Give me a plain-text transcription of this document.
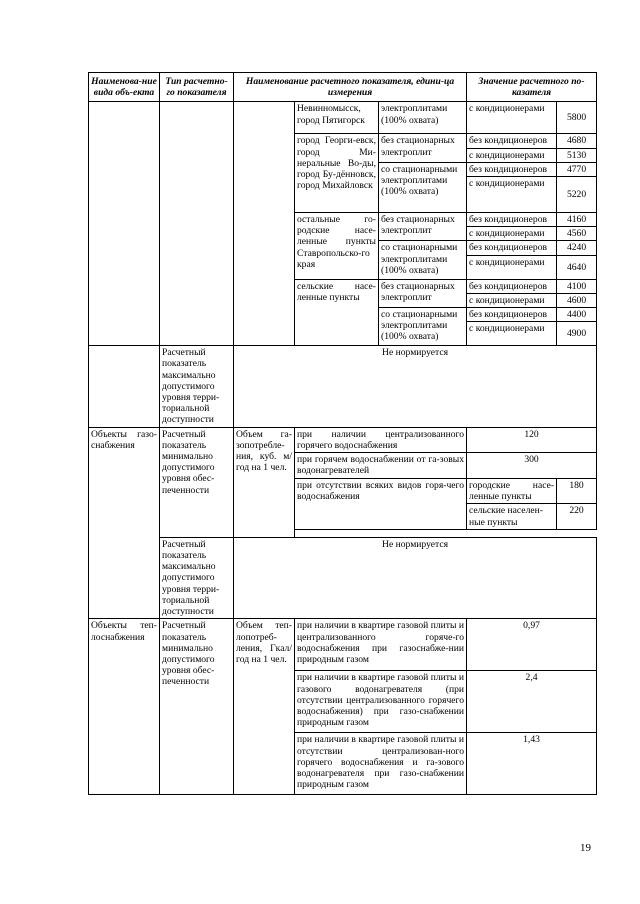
Наименова-ние вида объ-екта	Тип расчетно-го показателя	Наименование расчетного показателя, едини-ца измерения			Значение расчетного по-казателя	
			Невинномысск, город Пятигорск	электроплитами (100% охвата)	с кондиционерами	5800
			город Георги-евск, город Ми-неральные Во-ды, город Бу-дённовск, город Михайловск	без стационарных электроплит	без кондиционеров	4680
					с кондиционерами	5130
				со стационарными электроплитами (100% охвата)	без кондиционеров	4770
					с кондиционерами	5220
			остальные го-родские насе-ленные пункты Ставропольско-го края	без стационарных электроплит	без кондиционеров	4160
					с кондиционерами	4560
				со стационарными электроплитами (100% охвата)	без кондиционеров	4240
					с кондиционерами	4640
			сельские насе-ленные пункты	без стационарных электроплит	без кондиционеров	4100
					с кондиционерами	4600
				со стационарными электроплитами (100% охвата)	без кондиционеров	4400
					с кондиционерами	4900
	Расчетный показатель максимально допустимого уровня терри-ториальной доступности	Не нормируется				
Объекты газо-снабжения	Расчетный показатель минимально допустимого уровня обес-печенности	Объем га-зопотребле-ния, куб. м/год на 1 чел.	при наличии централизованного горячего водоснабжения		120	
			при горячем водоснабжении от га-зовых водонагревателей		300	
			при отсутствии всяких видов горя-чего водоснабжения		городские насе-ленные пункты	180
					сельские населен-ные пункты	220

	Расчетный показатель максимально допустимого уровня терри-ториальной доступности	Не нормируется				
Объекты теп-лоснабжения	Расчетный показатель минимально допустимого уровня обес-печенности	Объем теп-лопотреб-ления, Гкал/год на 1 чел.	при наличии в квартире газовой плиты и централизованного горяче-го водоснабжения при газоснабже-нии природным газом		0,97	
			при наличии в квартире газовой плиты и газового водонагревателя (при отсутствии централизованного горячего водоснабжения) при газо-снабжении природным газом		2,4	
			при наличии в квартире газовой плиты и отсутствии централизован-ного горячего водоснабжения и га-зового водонагревателя при газо-снабжении природным газом		1,43	
19
